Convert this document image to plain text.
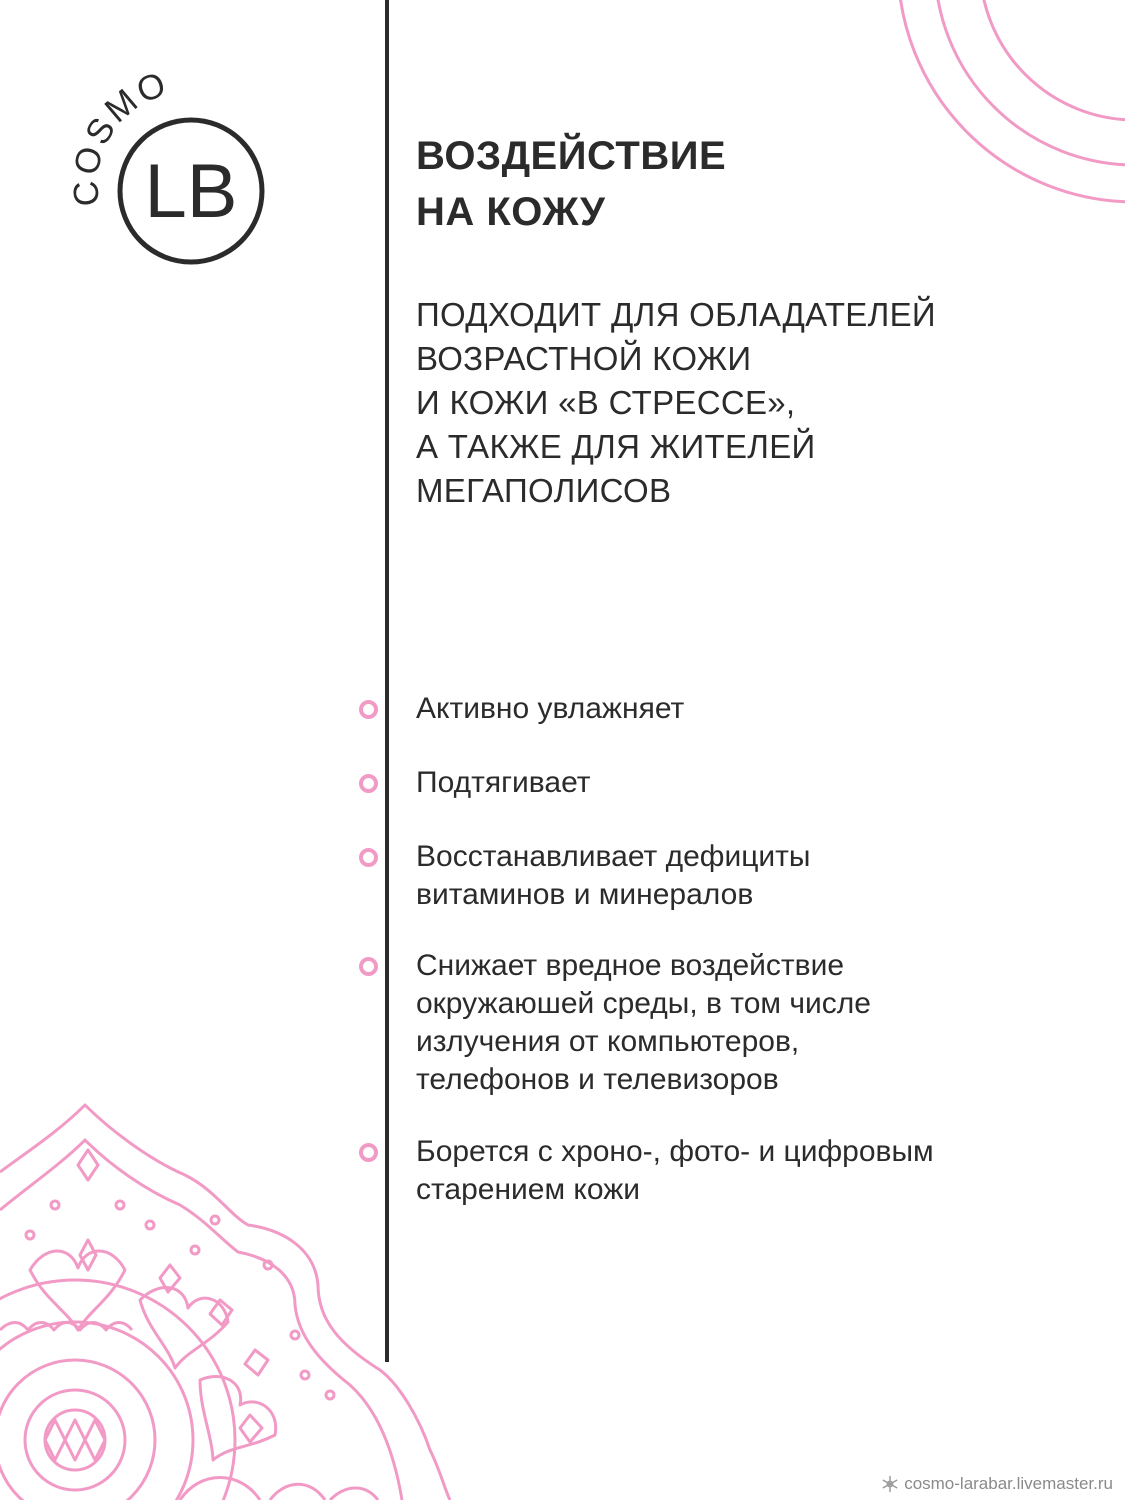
COSMO
LB	ВОЗДЕЙСТВИЕ
НА КОЖУ
ПОДХОДИТ ДЛЯ ОБЛАДАТЕЛЕЙ
ВОЗРАСТНОЙ КОЖИ
И КОЖИ «В СТРЕССЕ»,
А ТАКЖЕ ДЛЯ ЖИТЕЛЕЙ
МЕГАПОЛИСОВ
Активно увлажняет
Подтягивает
Восстанавливает дефициты
витаминов и минералов
Снижает вредное воздействие
окружаюшей среды, в том числе
излучения от компьютеров,
телефонов и телевизоров
Борется с хроно-, фото- и цифровым
старением кожи
cosmo-larabar.livemaster.ru
